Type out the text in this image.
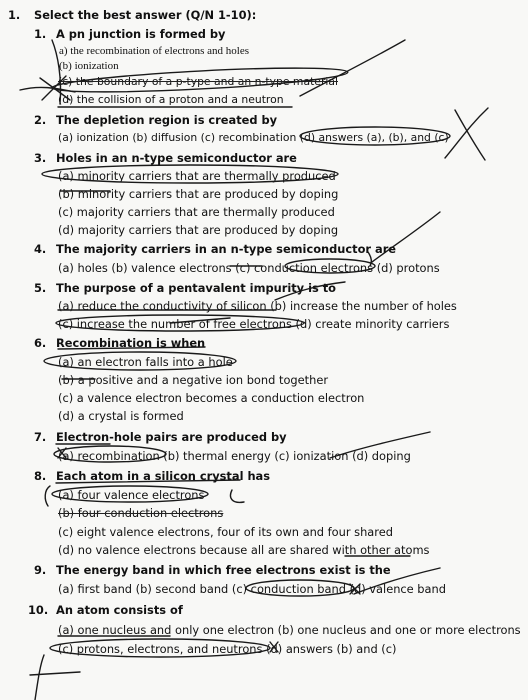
1. Select the best answer (Q/N 1-10):
1. A pn junction is formed by
a) the recombination of electrons and holes
(b) ionization
(c) the boundary of a p-type and an n-type material
(d) the collision of a proton and a neutron
2. The depletion region is created by
(a) ionization (b) diffusion (c) recombination (d) answers (a), (b), and (c)
3. Holes in an n-type semiconductor are
(a) minority carriers that are thermally produced
(b) minority carriers that are produced by doping
(c) majority carriers that are thermally produced
(d) majority carriers that are produced by doping
4. The majority carriers in an n-type semiconductor are
(a) holes (b) valence electrons (c) conduction electrons (d) protons
5. The purpose of a pentavalent impurity is to
(a) reduce the conductivity of silicon (b) increase the number of holes
(c) increase the number of free electrons (d) create minority carriers
6. Recombination is when
(a) an electron falls into a hole
(b) a positive and a negative ion bond together
(c) a valence electron becomes a conduction electron
(d) a crystal is formed
7. Electron-hole pairs are produced by
(a) recombination (b) thermal energy (c) ionization (d) doping
8. Each atom in a silicon crystal has
(a) four valence electrons
(b) four conduction electrons
(c) eight valence electrons, four of its own and four shared
(d) no valence electrons because all are shared with other atoms
9. The energy band in which free electrons exist is the
(a) first band (b) second band (c) conduction band (d) valence band
10. An atom consists of
(a) one nucleus and only one electron (b) one nucleus and one or more electrons
(c) protons, electrons, and neutrons (d) answers (b) and (c)
